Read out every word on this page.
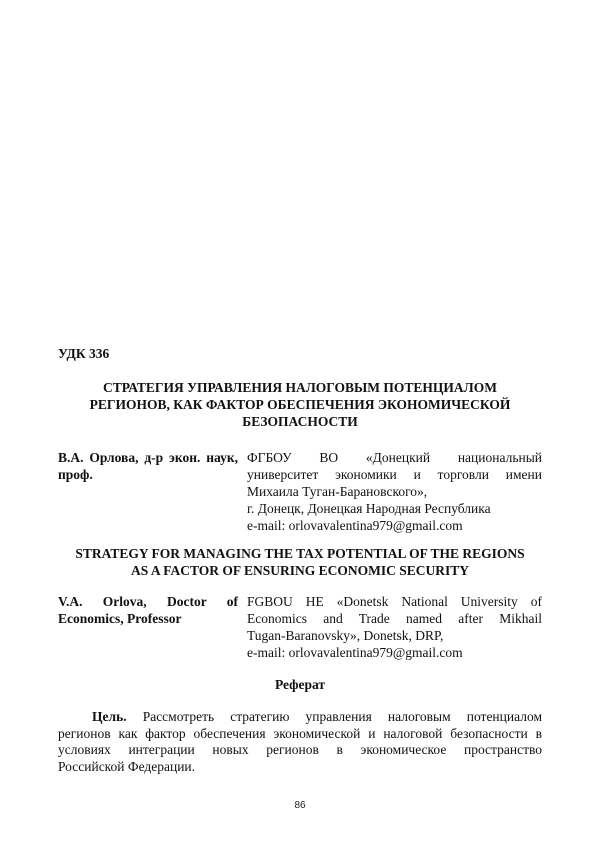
УДК 336
СТРАТЕГИЯ УПРАВЛЕНИЯ НАЛОГОВЫМ ПОТЕНЦИАЛОМ
РЕГИОНОВ, КАК ФАКТОР ОБЕСПЕЧЕНИЯ ЭКОНОМИЧЕСКОЙ
БЕЗОПАСНОСТИ
В.А. Орлова, д-р экон. наук,
проф.
ФГБОУ ВО «Донецкий национальный
университет экономики и торговли имени
Михаила Туган-Барановского»,
г. Донецк, Донецкая Народная Республика
e-mail: orlovavalentina979@gmail.com
STRATEGY FOR MANAGING THE TAX POTENTIAL OF THE REGIONS
AS A FACTOR OF ENSURING ECONOMIC SECURITY
V.A. Orlova, Doctor of
Economics, Professor
FGBOU HE «Donetsk National University of
Economics and Trade named after Mikhail
Tugan-Baranovsky», Donetsk, DRP,
e-mail: orlovavalentina979@gmail.com
Реферат
Цель. Рассмотреть стратегию управления налоговым потенциалом
регионов как фактор обеспечения экономической и налоговой безопасности в
условиях интеграции новых регионов в экономическое пространство
Российской Федерации.
86
